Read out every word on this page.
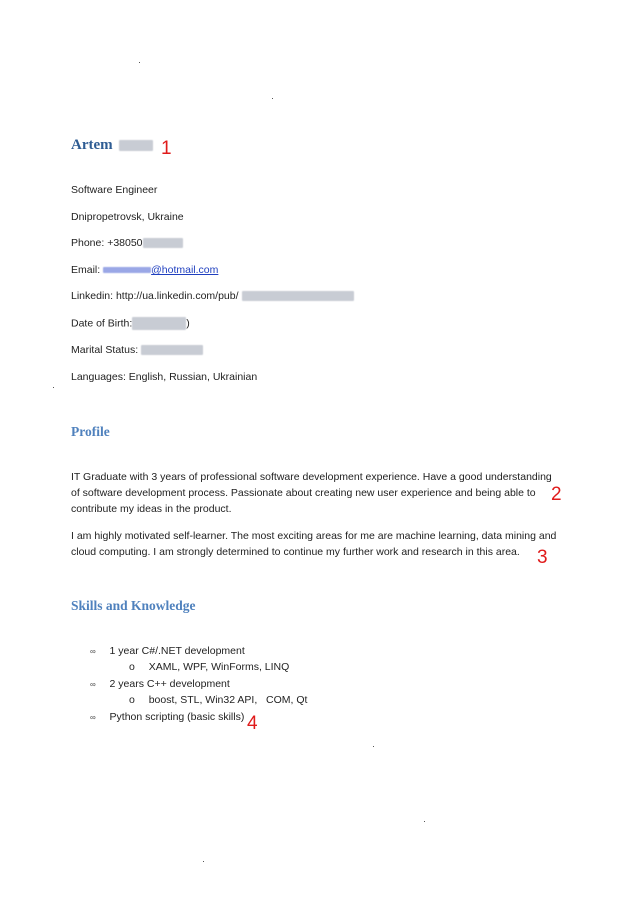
Artem	1
Software Engineer
Dnipropetrovsk, Ukraine
Phone: +38050
Email:	@hotmail.com
Linkedin: http://ua.linkedin.com/pub/
Date of Birth:	)
Marital Status:
Languages: English, Russian, Ukrainian
Profile
IT Graduate with 3 years of professional software development experience. Have a good understanding
of software development process. Passionate about creating new user experience and being able to
contribute my ideas in the product.
2
I am highly motivated self-learner. The most exciting areas for me are machine learning, data mining and
cloud computing. I am strongly determined to continue my further work and research in this area. 3
Skills and Knowledge
∞ 1 year C#/.NET development
o XAML, WPF, WinForms, LINQ
∞ 2 years C++ development
o boost, STL, Win32 API,   COM, Qt
∞ Python scripting (basic skills) 4
